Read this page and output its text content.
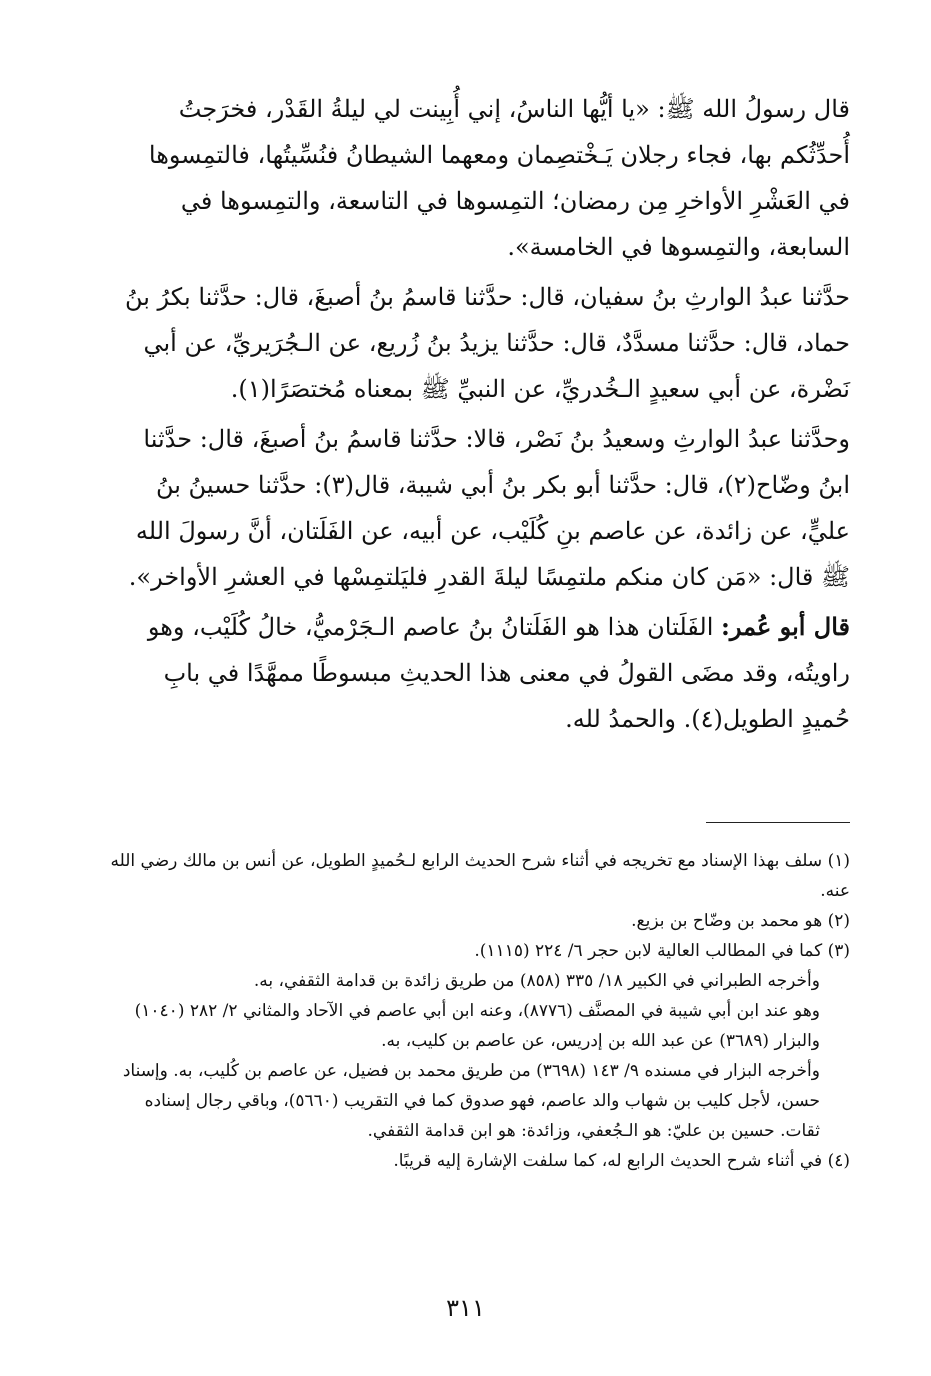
قال رسولُ الله ﷺ: «يا أيُّها الناسُ، إني أُبِينت لي ليلةُ القَدْر، فخرَجتُ أُحدِّثُكم بها، فجاء رجلان يَـخْتصِمان ومعهما الشيطانُ فنُسِّيتُها، فالتمِسوها في العَشْرِ الأواخرِ مِن رمضان؛ التمِسوها في التاسعة، والتمِسوها في السابعة، والتمِسوها في الخامسة».

حدَّثنا عبدُ الوارثِ بنُ سفيان، قال: حدَّثنا قاسمُ بنُ أصبغَ، قال: حدَّثنا بكرُ بنُ حماد، قال: حدَّثنا مسدَّدٌ، قال: حدَّثنا يزيدُ بنُ زُريع، عن الـجُرَيريِّ، عن أبي نَضْرة، عن أبي سعيدٍ الـخُدريِّ، عن النبيِّ ﷺ بمعناه مُختصَرًا(١).

وحدَّثنا عبدُ الوارثِ وسعيدُ بنُ نَصْر، قالا: حدَّثنا قاسمُ بنُ أصبغَ، قال: حدَّثنا ابنُ وضّاح(٢)، قال: حدَّثنا أبو بكر بنُ أبي شيبة، قال(٣): حدَّثنا حسينُ بنُ عليٍّ، عن زائدة، عن عاصم بنِ كُلَيْب، عن أبيه، عن الفَلَتان، أنَّ رسولَ الله ﷺ قال: «مَن كان منكم ملتمِسًا ليلةَ القدرِ فليَلتمِسْها في العشرِ الأواخر».

قال أبو عُمر: الفَلَتان هذا هو الفَلَتانُ بنُ عاصم الـجَرْميُّ، خالُ كُلَيْب، وهو راويتُه، وقد مضَى القولُ في معنى هذا الحديثِ مبسوطًا ممهَّدًا في بابِ حُميدٍ الطويل(٤). والحمدُ لله.

(١) سلف بهذا الإسناد مع تخريجه في أثناء شرح الحديث الرابع لـحُميدٍ الطويل، عن أنس بن مالك رضي الله عنه.

(٢) هو محمد بن وضّاح بن بزيع.

(٣) كما في المطالب العالية لابن حجر ٦/ ٢٢٤ (١١١٥).

وأخرجه الطبراني في الكبير ١٨/ ٣٣٥ (٨٥٨) من طريق زائدة بن قدامة الثقفي، به.

وهو عند ابن أبي شيبة في المصنَّف (٨٧٧٦)، وعنه ابن أبي عاصم في الآحاد والمثاني ٢/ ٢٨٢ (١٠٤٠) والبزار (٣٦٨٩) عن عبد الله بن إدريس، عن عاصم بن كليب، به.

وأخرجه البزار في مسنده ٩/ ١٤٣ (٣٦٩٨) من طريق محمد بن فضيل، عن عاصم بن كُليب، به. وإسناد حسن، لأجل كليب بن شهاب والد عاصم، فهو صدوق كما في التقريب (٥٦٦٠)، وباقي رجال إسناده ثقات. حسين بن عليّ: هو الـجُعفي، وزائدة: هو ابن قدامة الثقفي.

(٤) في أثناء شرح الحديث الرابع له، كما سلفت الإشارة إليه قريبًا.

٣١١
